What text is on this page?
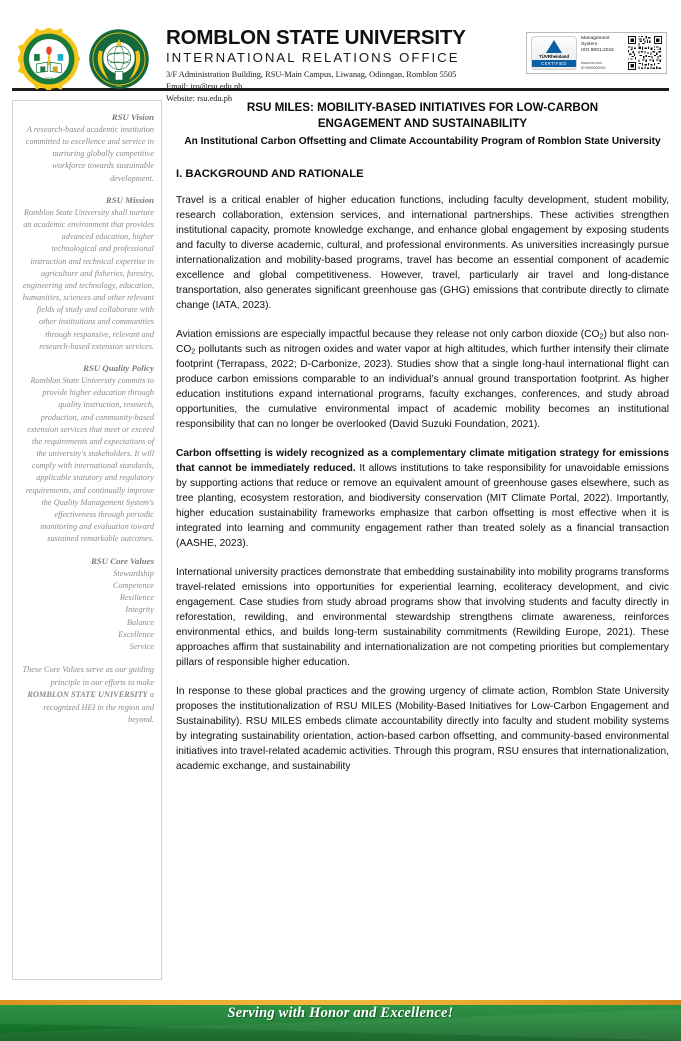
1915
RSU
ROMBLON STATE UNIVERSITY
INTERNATIONAL RELATIONS OFFICE
3/F Administration Building, RSU-Main Campus, Liwanag, Odiongan, Romblon 5505
Email: iro@rsu.edu.ph
Website: rsu.edu.ph
TÜVRheinland
CERTIFIED
Management
System
ISO 9001:2015
www.tuv.com
ID 9000000000
RSU Vision
A research-based academic institution committed to excellence and service in nurturing globally competitive workforce towards sustainable development.
RSU Mission
Romblon State University shall nurture an academic environment that provides advanced education, higher technological and professional instruction and technical expertise in agriculture and fisheries, forestry, engineering and technology, education, humanities, sciences and other relevant fields of study and collaborate with other institutions and communities through responsive, relevant and research-based extension services.
RSU Quality Policy
Romblon State University commits to provide higher education through quality instruction, research, production, and community-based extension services that meet or exceed the requirements and expectations of the university's stakeholders. It will comply with international standards, applicable statutory and regulatory requirements, and continually improve the Quality Management System's effectiveness through periodic monitoring and evaluation toward sustained remarkable outcomes.
RSU Core Values
Stewardship
Competence
Resilience
Integrity
Balance
Excellence
Service
These Core Values serve as our guiding principle in our efforts to make ROMBLON STATE UNIVERSITY a recognized HEI in the region and beyond.
RSU MILES: MOBILITY-BASED INITIATIVES FOR LOW-CARBON
ENGAGEMENT AND SUSTAINABILITY
An Institutional Carbon Offsetting and Climate Accountability Program of Romblon State University
I. BACKGROUND AND RATIONALE

Travel is a critical enabler of higher education functions, including faculty development, student mobility, research collaboration, extension services, and international partnerships. These activities strengthen institutional capacity, promote knowledge exchange, and enhance global engagement by exposing students and faculty to diverse academic, cultural, and professional environments. As universities increasingly pursue internationalization and mobility-based programs, travel has become an essential component of academic excellence and global competitiveness. However, travel, particularly air travel and long-distance transportation, also generates significant greenhouse gas (GHG) emissions that contribute directly to climate change (IATA, 2023).

Aviation emissions are especially impactful because they release not only carbon dioxide $(CO_2)$ but also non-$CO_2$ pollutants such as nitrogen oxides and water vapor at high altitudes, which further intensify their climate footprint (Terrapass, 2022; D-Carbonize, 2023). Studies show that a single long-haul international flight can produce carbon emissions comparable to an individual’s annual ground transportation footprint. As higher education institutions expand international programs, faculty exchanges, conferences, and study abroad opportunities, the cumulative environmental impact of academic mobility becomes an institutional responsibility that can no longer be overlooked (David Suzuki Foundation, 2021).

Carbon offsetting is widely recognized as a complementary climate mitigation strategy for emissions that cannot be immediately reduced. It allows institutions to take responsibility for unavoidable emissions by supporting actions that reduce or remove an equivalent amount of greenhouse gases elsewhere, such as tree planting, ecosystem restoration, and biodiversity conservation (MIT Climate Portal, 2022). Importantly, higher education sustainability frameworks emphasize that carbon offsetting is most effective when it is integrated into learning and community engagement rather than treated solely as a financial transaction (AASHE, 2023).

International university practices demonstrate that embedding sustainability into mobility programs transforms travel-related emissions into opportunities for experiential learning, ecoliteracy development, and civic engagement. Case studies from study abroad programs show that involving students and faculty directly in reforestation, rewilding, and environmental stewardship strengthens climate awareness, reinforces environmental ethics, and builds long-term sustainability commitments (Rewilding Europe, 2021). These approaches affirm that sustainability and internationalization are not competing priorities but complementary pillars of responsible higher education.

In response to these global practices and the growing urgency of climate action, Romblon State University proposes the institutionalization of RSU MILES (Mobility-Based Initiatives for Low-Carbon Engagement and Sustainability). RSU MILES embeds climate accountability directly into faculty and student mobility systems by integrating sustainability orientation, action-based carbon offsetting, and community-based environmental initiatives into travel-related academic activities. Through this program, RSU ensures that internationalization, academic exchange, and sustainability

Serving with Honor and Excellence!
